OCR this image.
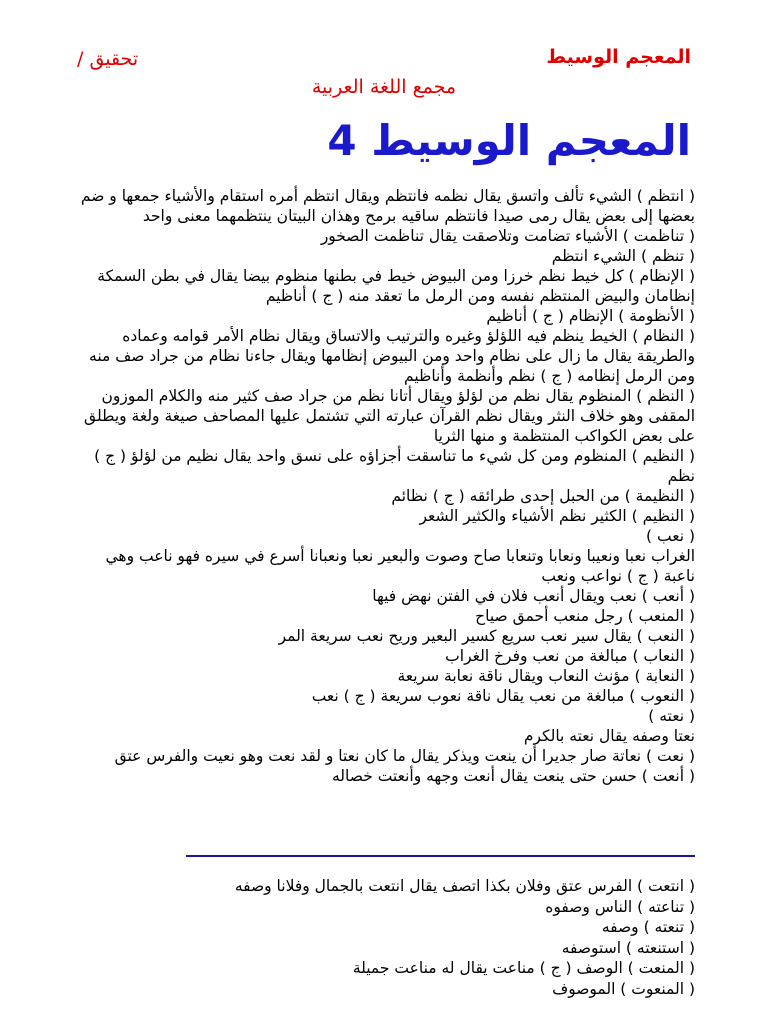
المعجم الوسيط
تحقيق /
مجمع اللغة العربية
المعجم الوسيط 4

( انتظم ) الشيء تألف واتسق يقال نظمه فانتظم ويقال انتظم أمره استقام والأشياء جمعها و ضم بعضها إلى بعض يقال رمى صيدا فانتظم ساقيه برمح وهذان البيتان ينتظمهما معنى واحد

( تناظمت ) الأشياء تضامت وتلاصقت يقال تناظمت الصخور

( تنظم ) الشيء انتظم

( الإنظام ) كل خيط نظم خرزا ومن البيوض خيط في بطنها منظوم بيضا يقال في بطن السمكة إنظامان والبيض المنتظم نفسه ومن الرمل ما تعقد منه ( ج ) أناظيم

( الأنظومة ) الإنظام ( ج ) أناظيم

( النظام ) الخيط ينظم فيه اللؤلؤ وغيره والترتيب والاتساق ويقال نظام الأمر قوامه وعماده والطريقة يقال ما زال على نظام واحد ومن البيوض إنظامها ويقال جاءنا نظام من جراد صف منه ومن الرمل إنظامه ( ج ) نظم وأنظمة وأناظيم

( النظم ) المنظوم يقال نظم من لؤلؤ ويقال أتانا نظم من جراد صف كثير منه والكلام الموزون المقفى وهو خلاف النثر ويقال نظم القرآن عبارته التي تشتمل عليها المصاحف صيغة ولغة ويطلق على بعض الكواكب المنتظمة و منها الثريا

( النظيم ) المنظوم ومن كل شيء ما تناسقت أجزاؤه على نسق واحد يقال نظيم من لؤلؤ ( ج ) نظم

( النظيمة ) من الحبل إحدى طرائقه ( ج ) نظائم

( النظيم ) الكثير نظم الأشياء والكثير الشعر

( نعب )

الغراب نعبا ونعيبا ونعابا وتنعابا صاح وصوت والبعير نعبا ونعبانا أسرع في سيره فهو ناعب وهي ناعبة ( ج ) نواعب ونعب

( أنعب ) نعب ويقال أنعب فلان في الفتن نهض فيها

( المنعب ) رجل منعب أحمق صياح

( النعب ) يقال سير نعب سريع كسير البعير وريح نعب سريعة المر

( النعاب ) مبالغة من نعب وفرخ الغراب

( النعابة ) مؤنث النعاب ويقال ناقة نعابة سريعة

( النعوب ) مبالغة من نعب يقال ناقة نعوب سريعة ( ج ) نعب

( نعته )

نعتا وصفه يقال نعته بالكرم

( نعت ) نعاتة صار جديرا أن ينعت ويذكر يقال ما كان نعتا و لقد نعت وهو نعيت والفرس عتق

( أنعت ) حسن حتى ينعت يقال أنعت وجهه وأنعتت خصاله

( انتعت ) الفرس عتق وفلان بكذا اتصف يقال انتعت بالجمال وفلانا وصفه

( تناعته ) الناس وصفوه

( تنعته ) وصفه

( استنعته ) استوصفه

( المنعت ) الوصف ( ج ) مناعت يقال له مناعت جميلة

( المنعوت ) الموصوف
